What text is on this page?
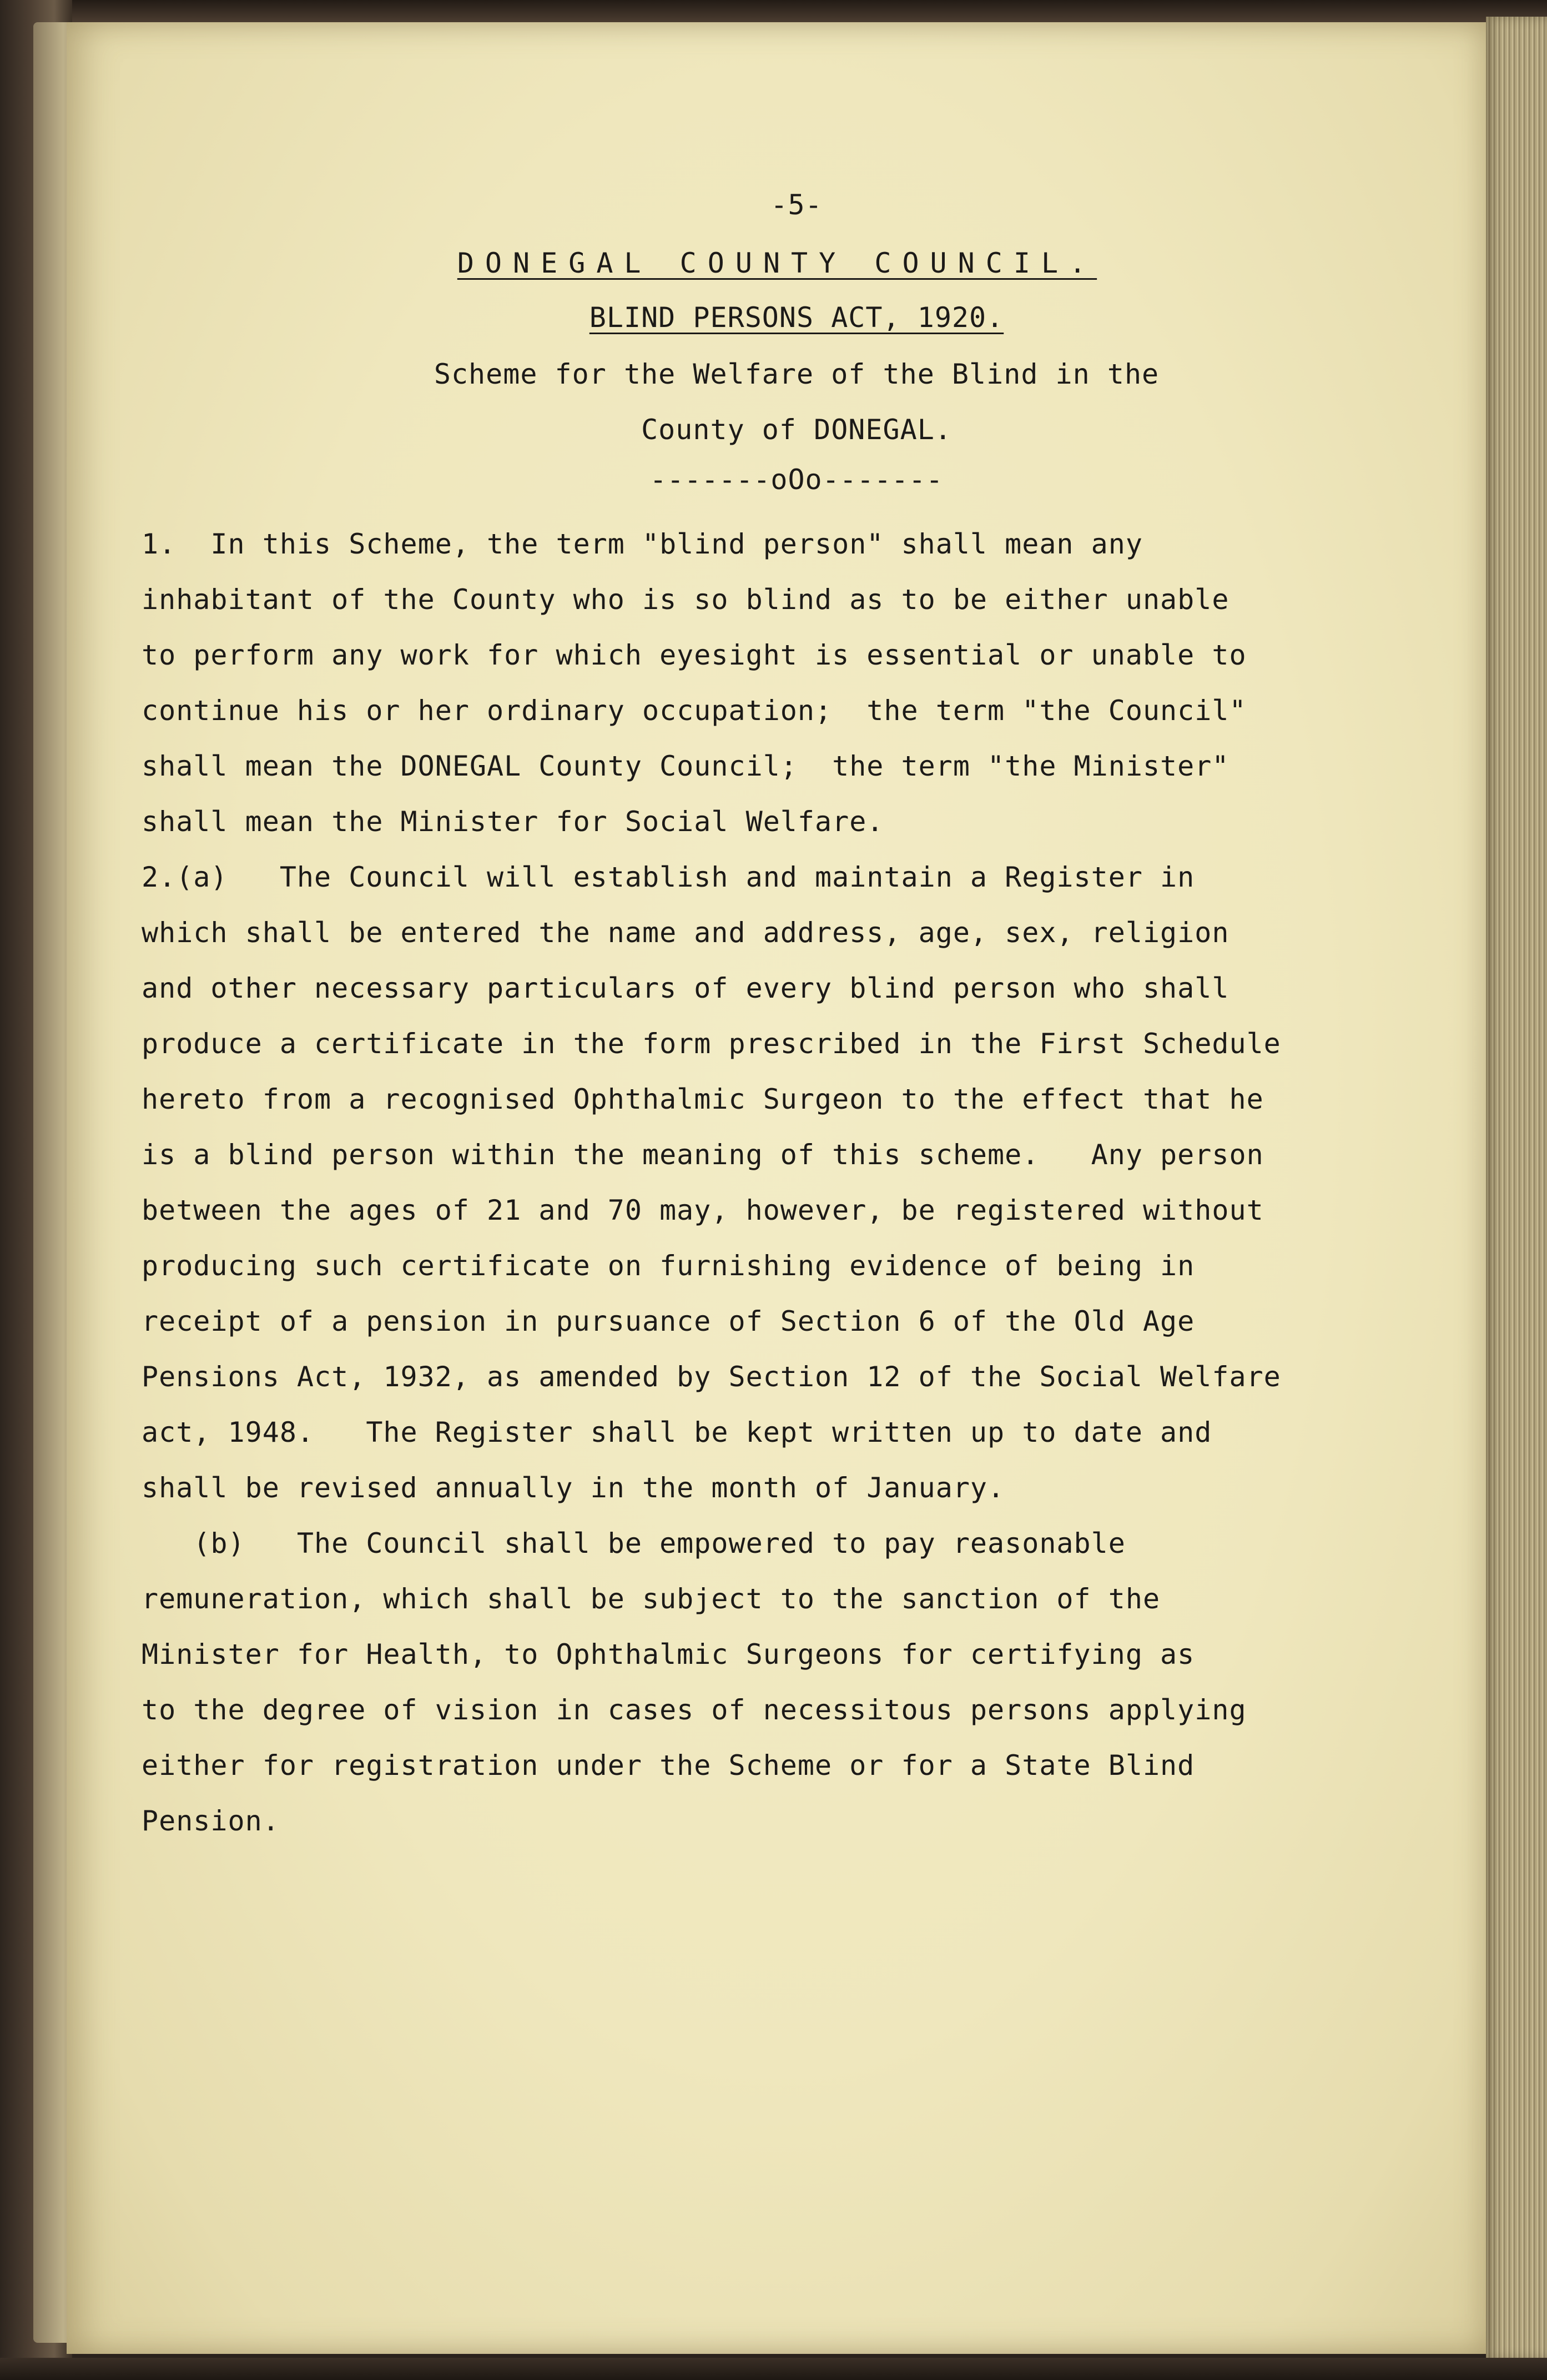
-5-
DONEGAL COUNTY COUNCIL.
BLIND PERSONS ACT, 1920.
Scheme for the Welfare of the Blind in the
County of DONEGAL.
-------oOo-------
1.  In this Scheme, the term "blind person" shall mean any
inhabitant of the County who is so blind as to be either unable
to perform any work for which eyesight is essential or unable to
continue his or her ordinary occupation;  the term "the Council"
shall mean the DONEGAL County Council;  the term "the Minister"
shall mean the Minister for Social Welfare.
2.(a)   The Council will establish and maintain a Register in
which shall be entered the name and address, age, sex, religion
and other necessary particulars of every blind person who shall
produce a certificate in the form prescribed in the First Schedule
hereto from a recognised Ophthalmic Surgeon to the effect that he
is a blind person within the meaning of this scheme.   Any person
between the ages of 21 and 70 may, however, be registered without
producing such certificate on furnishing evidence of being in
receipt of a pension in pursuance of Section 6 of the Old Age
Pensions Act, 1932, as amended by Section 12 of the Social Welfare
act, 1948.   The Register shall be kept written up to date and
shall be revised annually in the month of January.
(b)   The Council shall be empowered to pay reasonable
remuneration, which shall be subject to the sanction of the
Minister for Health, to Ophthalmic Surgeons for certifying as
to the degree of vision in cases of necessitous persons applying
either for registration under the Scheme or for a State Blind
Pension.
